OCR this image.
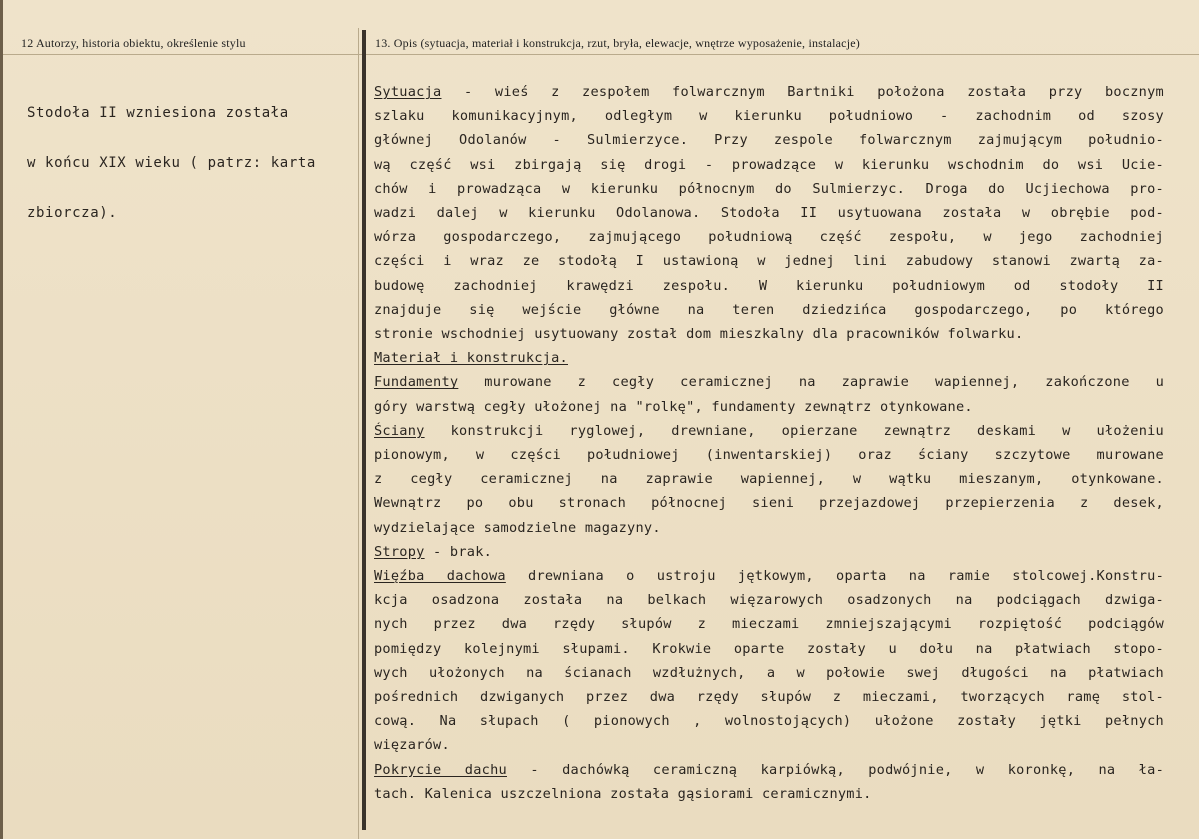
12 Autorzy, historia obiektu, określenie stylu	13. Opis (sytuacja, materiał i konstrukcja, rzut, bryła, elewacje, wnętrze wyposażenie, instalacje)

Stodoła II wzniesiona została

w końcu XIX wieku ( patrz: karta

zbiorcza).

Sytuacja - wieś z zespołem folwarcznym Bartniki położona została przy bocznym
szlaku komunikacyjnym, odległym w kierunku południowo - zachodnim od szosy
głównej Odolanów - Sulmierzyce. Przy zespole folwarcznym zajmującym południo-
wą część wsi zbirgają się drogi - prowadzące w kierunku wschodnim do wsi Uciе-
chów i prowadząca w kierunku północnym do Sulmierzyc. Droga do Ucjiechowa pro-
wadzi dalej w kierunku Odolanowa. Stodoła II usytuowana została w obrębie pod-
wórza gospodarczego, zajmującego południową część zespołu, w jego zachodniej
części i wraz ze stodołą I ustawioną w jednej lini zabudowy stanowi zwartą za-
budowę zachodniej krawędzi zespołu. W kierunku południowym od stodoły II
znajduje się wejście główne na teren dziedzińca gospodarczego, po którego
stronie wschodniej usytuowany został dom mieszkalny dla pracowników folwarku.
Materiał i konstrukcja.
Fundamenty murowane z cegły ceramicznej na zaprawie wapiennej, zakończone u
góry warstwą cegły ułożonej na "rolkę", fundamenty zewnątrz otynkowane.
Ściany konstrukcji ryglowej, drewniane, opierzane zewnątrz deskami w ułożeniu
pionowym, w części południowej (inwentarskiej) oraz ściany szczytowe murowane
z cegły ceramicznej na zaprawie wapiennej, w wątku mieszanym, otynkowane.
Wewnątrz po obu stronach północnej sieni przejazdowej przepierzenia z desek,
wydzielające samodzielne magazyny.
Stropy - brak.
Więźba dachowa drewniana o ustroju jętkowym, oparta na ramie stolcowej.Konstru-
kcja osadzona została na belkach więzarowych osadzonych na podciągach dzwiga-
nych przez dwa rzędy słupów z mieczami zmniejszającymi rozpiętość podciągów
pomiędzy kolejnymi słupami. Krokwie oparte zostały u dołu na płatwiach stopo-
wych ułożonych na ścianach wzdłużnych, a w połowie swej długości na płatwiach
pośrednich dzwiganych przez dwa rzędy słupów z mieczami, tworzących ramę stol-
cową. Na słupach ( pionowych , wolnostojących) ułożone zostały jętki pełnych
więzarów.
Pokrycie dachu - dachówką ceramiczną karpiówką, podwójnie, w koronkę, na ła-
tach. Kalenica uszczelniona została gąsiorami ceramicznymi.
